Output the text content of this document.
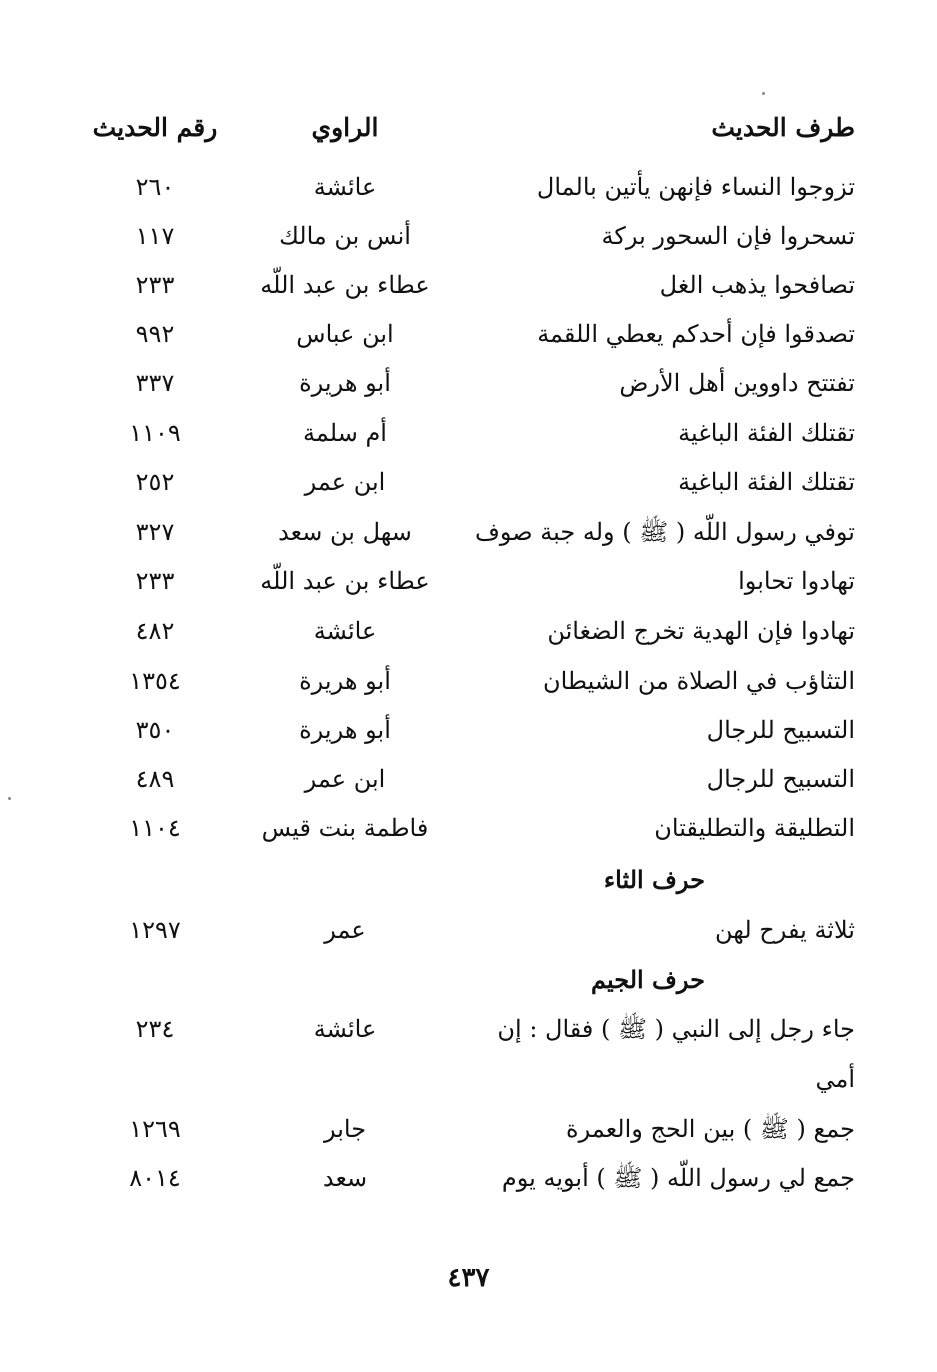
طرف الحديث
الراوي
رقم الحديث
تزوجوا النساء فإنهن يأتين بالمال
عائشة
٢٦٠
تسحروا فإن السحور بركة
أنس بن مالك
١١٧
تصافحوا يذهب الغل
عطاء بن عبد اللّه
٢٣٣
تصدقوا فإن أحدكم يعطي اللقمة
ابن عباس
٩٩٢
تفتتح داووين أهل الأرض
أبو هريرة
٣٣٧
تقتلك الفئة الباغية
أم سلمة
١١٠٩
تقتلك الفئة الباغية
ابن عمر
٢٥٢
توفي رسول اللّه ( ﷺ ) وله جبة صوف
سهل بن سعد
٣٢٧
تهادوا تحابوا
عطاء بن عبد اللّه
٢٣٣
تهادوا فإن الهدية تخرج الضغائن
عائشة
٤٨٢
التثاؤب في الصلاة من الشيطان
أبو هريرة
١٣٥٤
التسبيح للرجال
أبو هريرة
٣٥٠
التسبيح للرجال
ابن عمر
٤٨٩
التطليقة والتطليقتان
فاطمة بنت قيس
١١٠٤
حرف الثاء
ثلاثة يفرح لهن
عمر
١٢٩٧
حرف الجيم
جاء رجل إلى النبي ( ﷺ ) فقال : إن
عائشة
٢٣٤
أمي
جمع ( ﷺ ) بين الحج والعمرة
جابر
١٢٦٩
جمع لي رسول اللّه ( ﷺ ) أبويه يوم
سعد
٨٠١٤
٤٣٧
